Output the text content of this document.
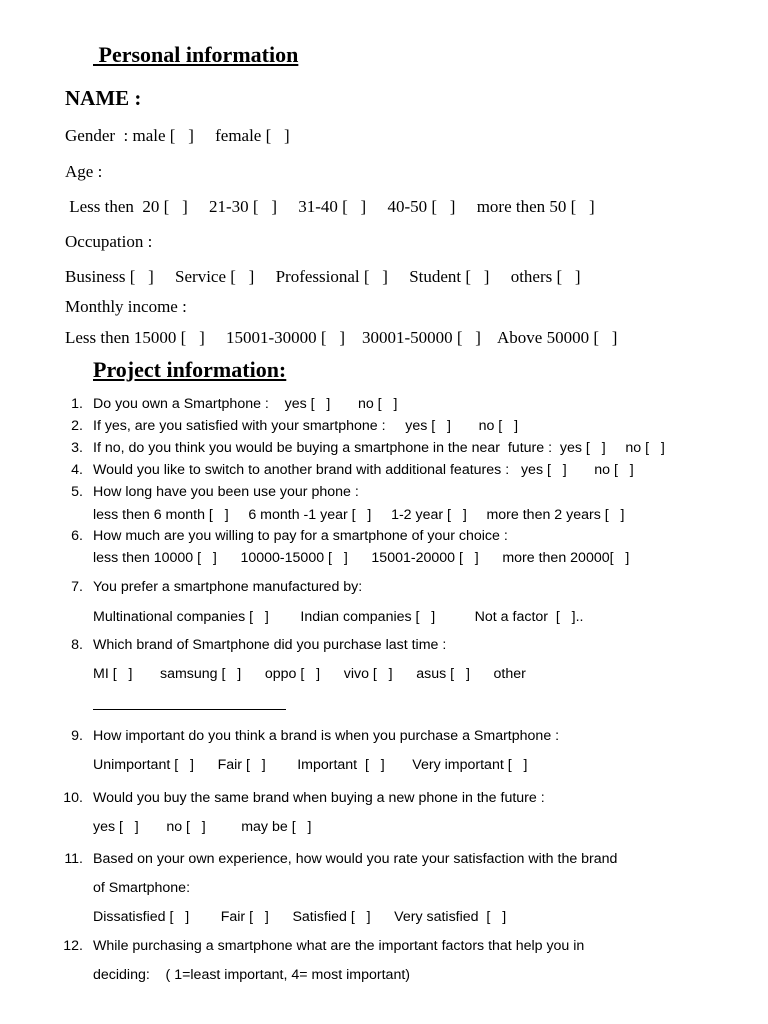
Personal information
NAME :
Gender  : male [   ]     female [   ]
Age :
Less then  20 [   ]     21-30 [   ]     31-40 [   ]     40-50 [   ]     more then 50 [   ]
Occupation :
Business [   ]     Service [   ]     Professional [   ]     Student [   ]     others [   ]
Monthly income :
Less then 15000 [   ]     15001-30000 [   ]    30001-50000 [   ]    Above 50000 [   ]
Project information:
1. Do you own a Smartphone :    yes [   ]       no [   ]
2. If yes, are you satisfied with your smartphone :     yes [   ]       no [   ]
3. If no, do you think you would be buying a smartphone in the near  future :  yes [   ]     no [   ]
4. Would you like to switch to another brand with additional features :   yes [   ]       no [   ]
5. How long have you been use your phone :
less then 6 month [   ]     6 month -1 year [   ]     1-2 year [   ]     more then 2 years [   ]
6. How much are you willing to pay for a smartphone of your choice :
less then 10000 [   ]      10000-15000 [   ]      15001-20000 [   ]      more then 20000[   ]
7. You prefer a smartphone manufactured by:
Multinational companies [   ]        Indian companies [   ]          Not a factor  [   ]..
8. Which brand of Smartphone did you purchase last time :
MI [   ]       samsung [   ]      oppo [   ]      vivo [   ]      asus [   ]      other
9. How important do you think a brand is when you purchase a Smartphone :
Unimportant [   ]      Fair [   ]        Important  [   ]       Very important [   ]
10. Would you buy the same brand when buying a new phone in the future :
yes [   ]       no [   ]         may be [   ]
11. Based on your own experience, how would you rate your satisfaction with the brand
of Smartphone:
Dissatisfied [   ]        Fair [   ]      Satisfied [   ]      Very satisfied  [   ]
12. While purchasing a smartphone what are the important factors that help you in
deciding:    ( 1=least important, 4= most important)
